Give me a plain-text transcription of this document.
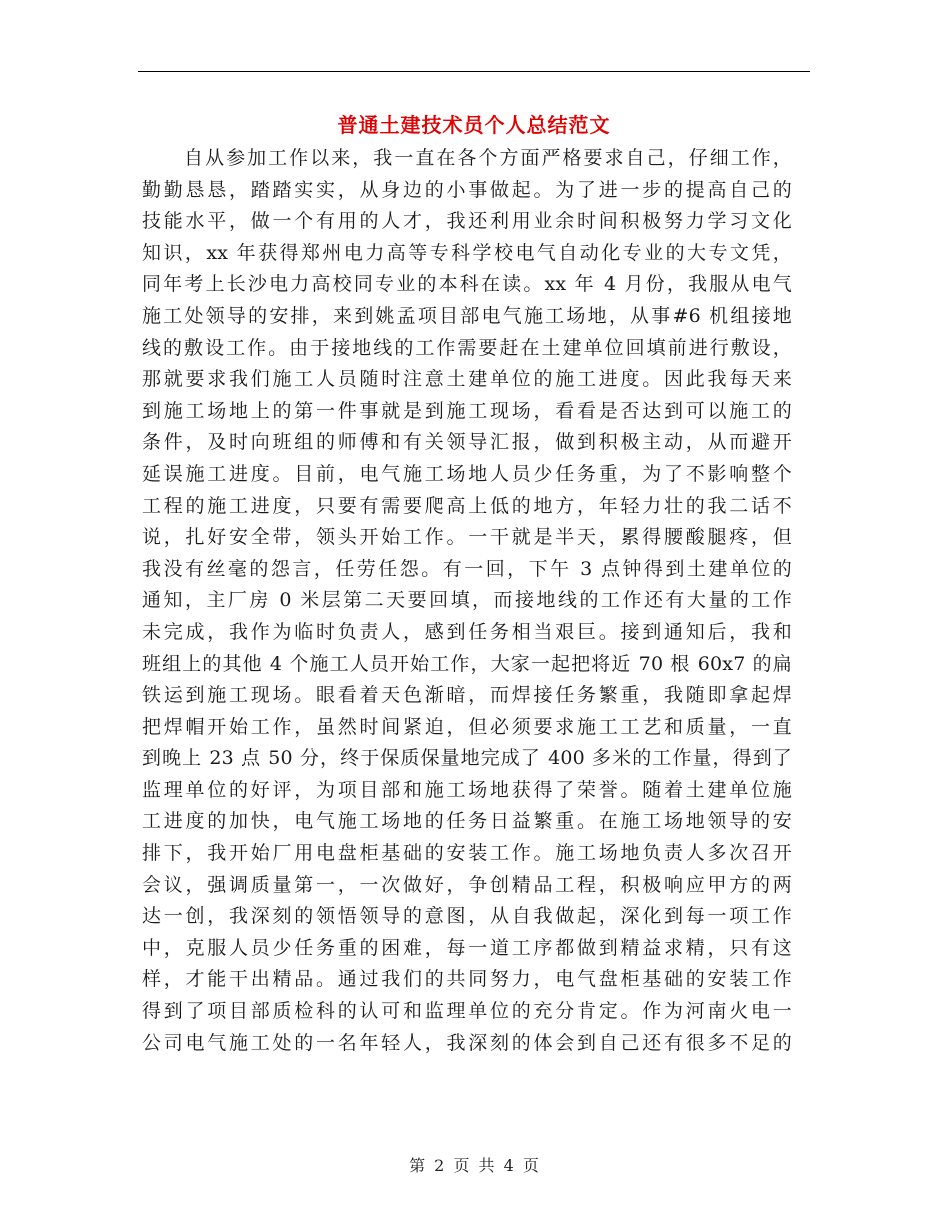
普通土建技术员个人总结范文
　　自从参加工作以来，我一直在各个方面严格要求自己，仔细工作，
勤勤恳恳，踏踏实实，从身边的小事做起。为了进一步的提高自己的
技能水平，做一个有用的人才，我还利用业余时间积极努力学习文化
知识，xx 年获得郑州电力高等专科学校电气自动化专业的大专文凭，
同年考上长沙电力高校同专业的本科在读。xx 年 4 月份，我服从电气
施工处领导的安排，来到姚孟项目部电气施工场地，从事#6 机组接地
线的敷设工作。由于接地线的工作需要赶在土建单位回填前进行敷设，
那就要求我们施工人员随时注意土建单位的施工进度。因此我每天来
到施工场地上的第一件事就是到施工现场，看看是否达到可以施工的
条件，及时向班组的师傅和有关领导汇报，做到积极主动，从而避开
延误施工进度。目前，电气施工场地人员少任务重，为了不影响整个
工程的施工进度，只要有需要爬高上低的地方，年轻力壮的我二话不
说，扎好安全带，领头开始工作。一干就是半天，累得腰酸腿疼，但
我没有丝毫的怨言，任劳任怨。有一回，下午 3 点钟得到土建单位的
通知，主厂房 0 米层第二天要回填，而接地线的工作还有大量的工作
未完成，我作为临时负责人，感到任务相当艰巨。接到通知后，我和
班组上的其他 4 个施工人员开始工作，大家一起把将近 70 根 60x7 的扁
铁运到施工现场。眼看着天色渐暗，而焊接任务繁重，我随即拿起焊
把焊帽开始工作，虽然时间紧迫，但必须要求施工工艺和质量，一直
到晚上 23 点 50 分，终于保质保量地完成了 400 多米的工作量，得到了
监理单位的好评，为项目部和施工场地获得了荣誉。随着土建单位施
工进度的加快，电气施工场地的任务日益繁重。在施工场地领导的安
排下，我开始厂用电盘柜基础的安装工作。施工场地负责人多次召开
会议，强调质量第一，一次做好，争创精品工程，积极响应甲方的两
达一创，我深刻的领悟领导的意图，从自我做起，深化到每一项工作
中，克服人员少任务重的困难，每一道工序都做到精益求精，只有这
样，才能干出精品。通过我们的共同努力，电气盘柜基础的安装工作
得到了项目部质检科的认可和监理单位的充分肯定。作为河南火电一
公司电气施工处的一名年轻人，我深刻的体会到自己还有很多不足的

第 2 页 共 4 页
